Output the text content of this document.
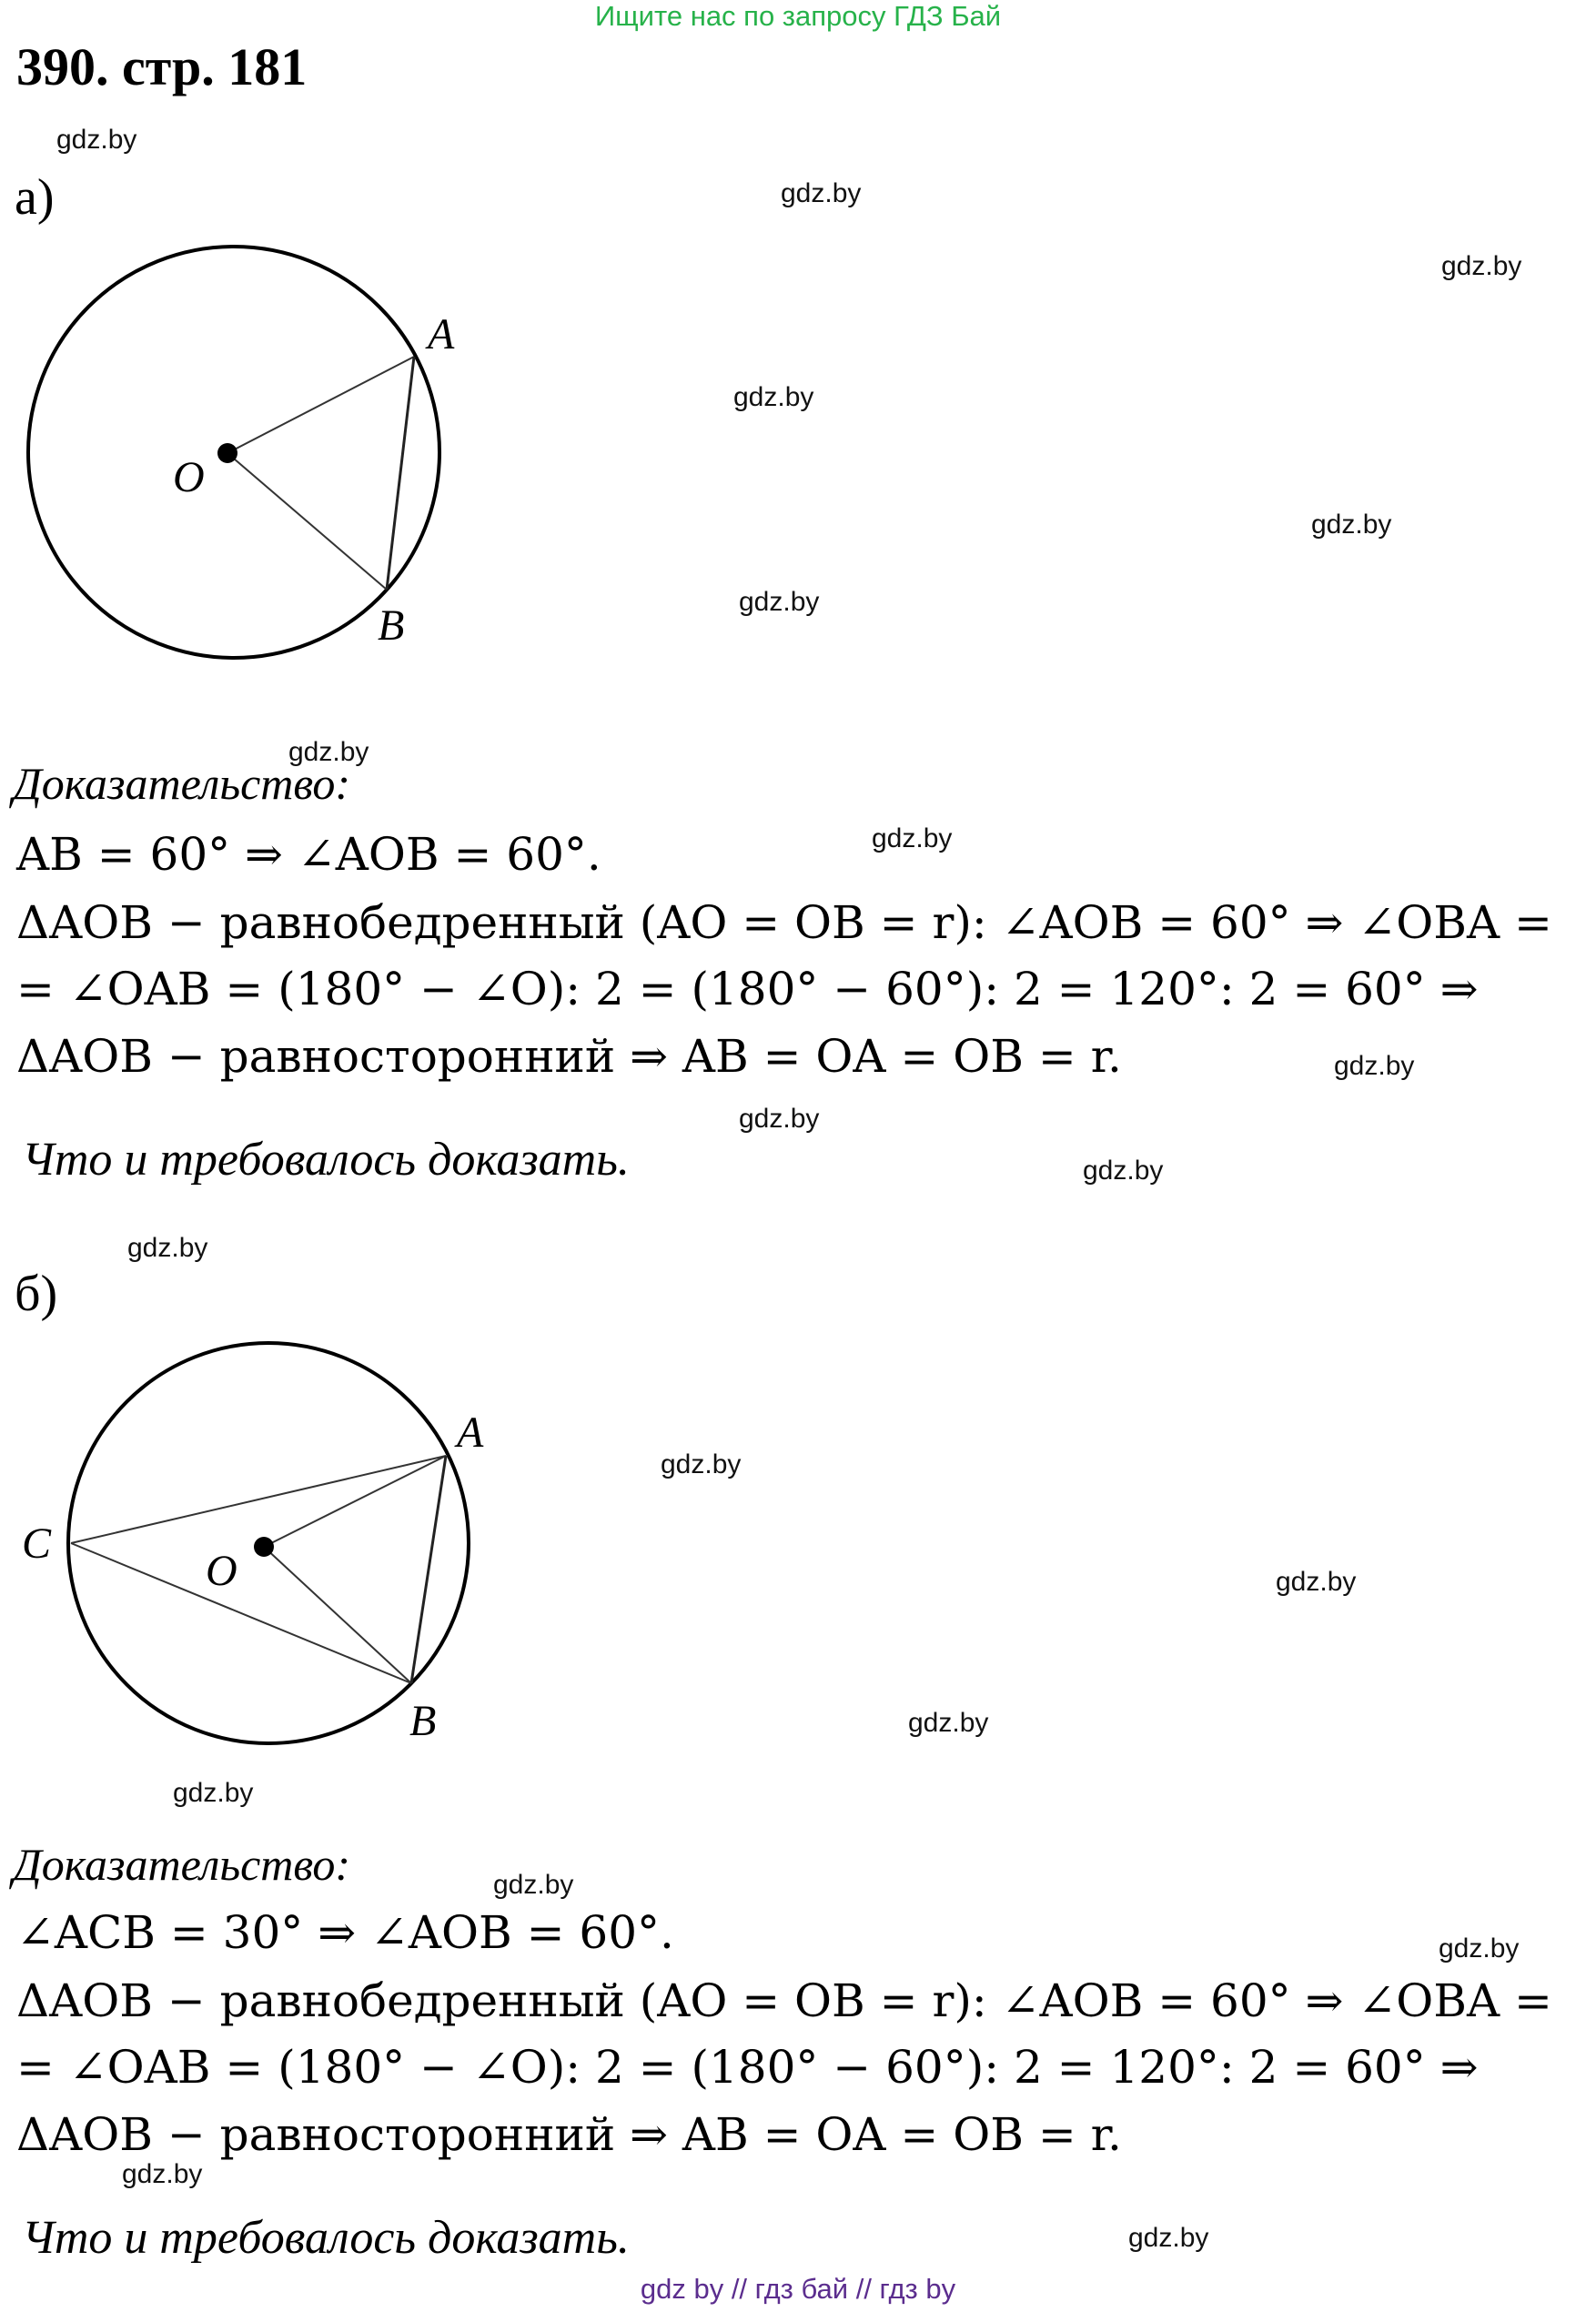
Ищите нас по запросу ГДЗ Бай
390. стр. 181
а)
O
A
B
Доказательство:
AB = 60° ⇒ ∠AOB = 60°.
ΔAOB − равнобедренный (AO = OB = r): ∠AOB = 60° ⇒ ∠OBA =
= ∠OAB = (180° − ∠O): 2 = (180° − 60°): 2 = 120°: 2 = 60° ⇒
ΔAOB − равносторонний ⇒ AB = OA = OB = r.
Что и требовалось доказать.
б)
O
A
B
C
Доказательство:
∠ACB = 30° ⇒ ∠AOB = 60°.
ΔAOB − равнобедренный (AO = OB = r): ∠AOB = 60° ⇒ ∠OBA =
= ∠OAB = (180° − ∠O): 2 = (180° − 60°): 2 = 120°: 2 = 60° ⇒
ΔAOB − равносторонний ⇒ AB = OA = OB = r.
Что и требовалось доказать.
gdz.by
gdz.by
gdz.by
gdz.by
gdz.by
gdz.by
gdz.by
gdz.by
gdz.by
gdz.by
gdz.by
gdz.by
gdz.by
gdz.by
gdz.by
gdz.by
gdz.by
gdz.by
gdz.by
gdz.by
gdz by // гдз бай // гдз by
